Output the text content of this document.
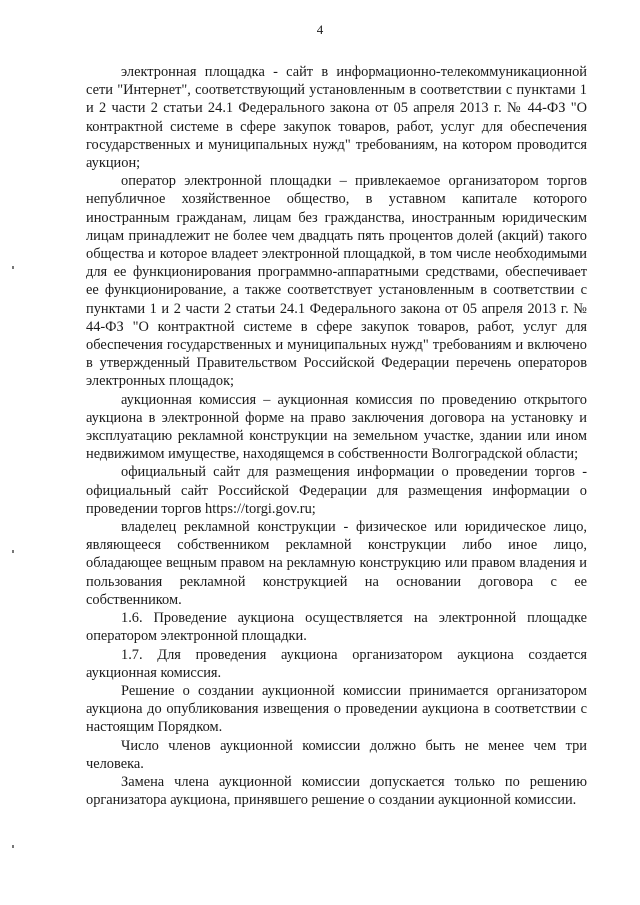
4

электронная площадка - сайт в информационно-телекоммуникационной сети "Интернет", соответствующий установленным в соответствии с пунктами 1 и 2 части 2 статьи 24.1 Федерального закона от 05 апреля 2013 г. № 44-ФЗ "О контрактной системе в сфере закупок товаров, работ, услуг для обеспечения государственных и муниципальных нужд" требованиям, на котором проводится аукцион;

оператор электронной площадки – привлекаемое организатором торгов непубличное хозяйственное общество, в уставном капитале которого иностранным гражданам, лицам без гражданства, иностранным юридическим лицам принадлежит не более чем двадцать пять процентов долей (акций) такого общества и которое владеет электронной площадкой, в том числе необходимыми для ее функционирования программно-аппаратными средствами, обеспечивает ее функционирование, а также соответствует установленным в соответствии с пунктами 1 и 2 части 2 статьи 24.1 Федерального закона от 05 апреля 2013 г. № 44-ФЗ "О контрактной системе в сфере закупок товаров, работ, услуг для обеспечения государственных и муниципальных нужд" требованиям и включено в утвержденный Правительством Российской Федерации перечень операторов электронных площадок;

аукционная комиссия – аукционная комиссия по проведению открытого аукциона в электронной форме на право заключения договора на установку и эксплуатацию рекламной конструкции на земельном участке, здании или ином недвижимом имуществе, находящемся в собственности Волгоградской области;

официальный сайт для размещения информации о проведении торгов - официальный сайт Российской Федерации для размещения информации о проведении торгов https://torgi.gov.ru;

владелец рекламной конструкции - физическое или юридическое лицо, являющееся собственником рекламной конструкции либо иное лицо, обладающее вещным правом на рекламную конструкцию или правом владения и пользования рекламной конструкцией на основании договора с ее собственником.

1.6. Проведение аукциона осуществляется на электронной площадке оператором электронной площадки.

1.7. Для проведения аукциона организатором аукциона создается аукционная комиссия.

Решение о создании аукционной комиссии принимается организатором аукциона до опубликования извещения о проведении аукциона в соответствии с настоящим Порядком.

Число членов аукционной комиссии должно быть не менее чем три человека.

Замена члена аукционной комиссии допускается только по решению организатора аукциона, принявшего решение о создании аукционной комиссии.
